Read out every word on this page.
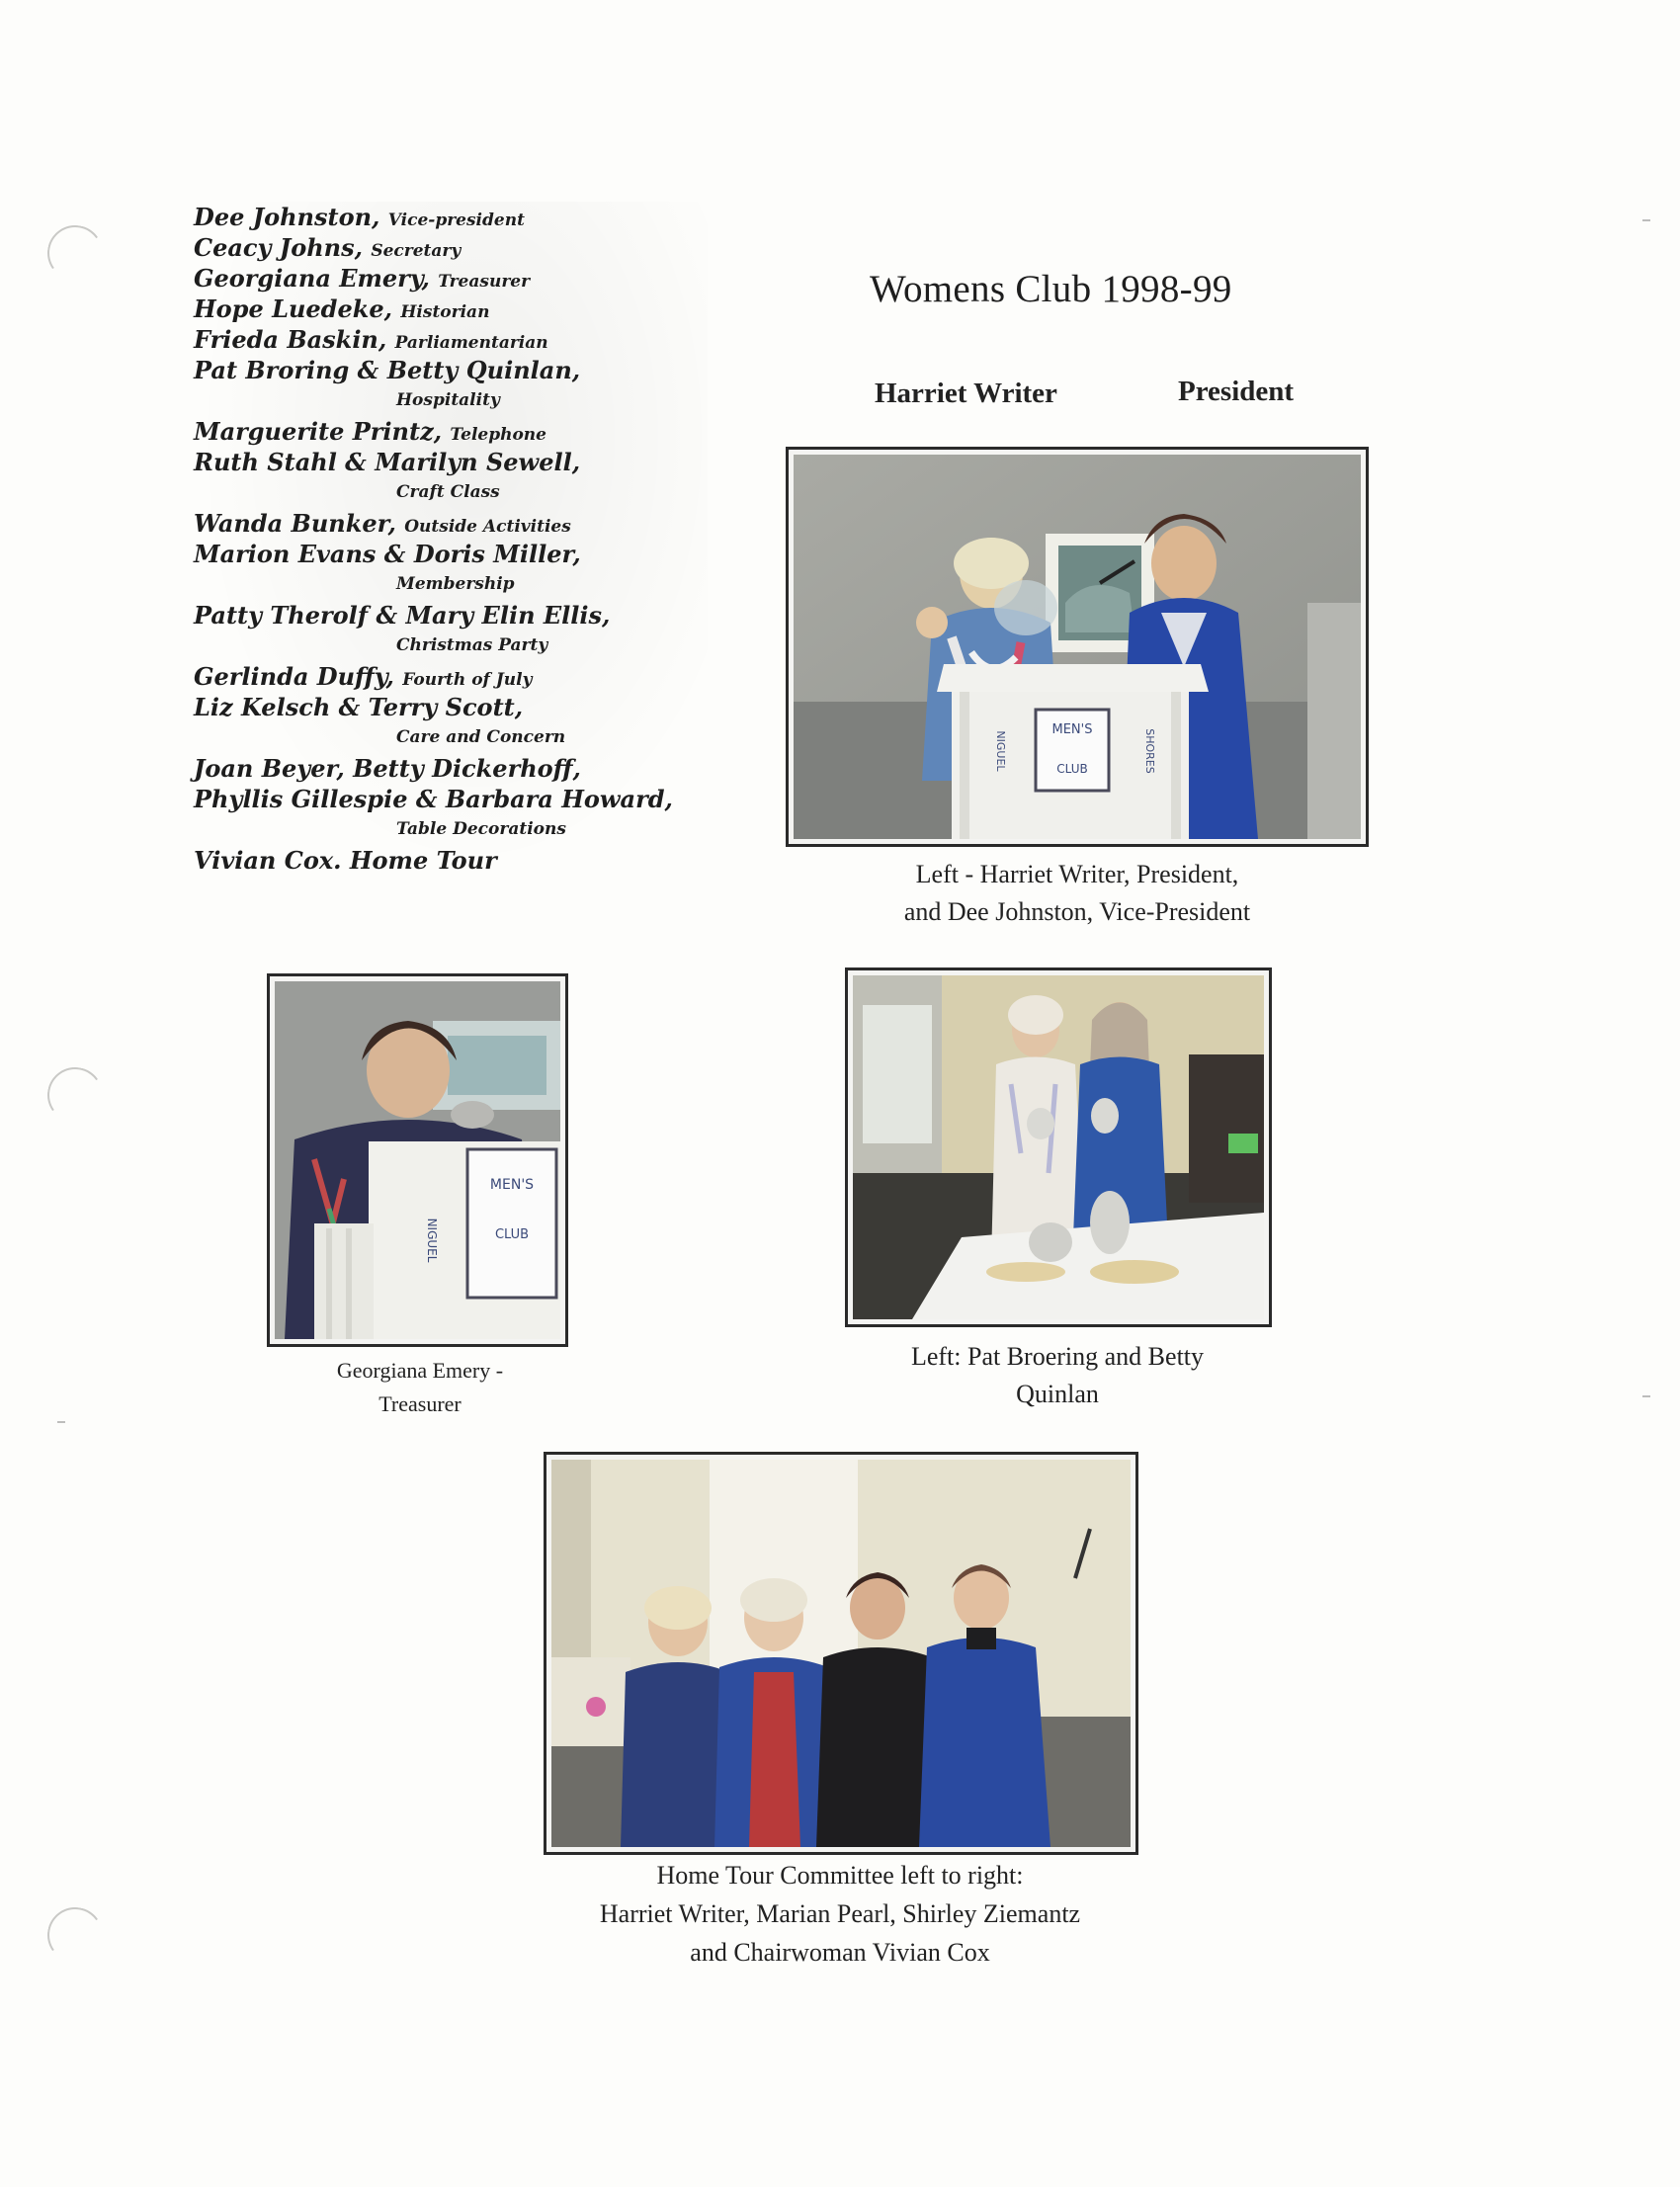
Dee Johnston, Vice-president
Ceacy Johns, Secretary
Georgiana Emery, Treasurer
Hope Luedeke, Historian
Frieda Baskin, Parliamentarian
Pat Broring & Betty Quinlan,
Hospitality
Marguerite Printz, Telephone
Ruth Stahl & Marilyn Sewell,
Craft Class
Wanda Bunker, Outside Activities
Marion Evans & Doris Miller,
Membership
Patty Therolf & Mary Elin Ellis,
Christmas Party
Gerlinda Duffy, Fourth of July
Liz Kelsch & Terry Scott,
Care and Concern
Joan Beyer, Betty Dickerhoff,
Phyllis Gillespie & Barbara Howard,
Table Decorations
Vivian Cox. Home Tour
Womens Club 1998-99
Harriet Writer	President
MEN'S
CLUB
NIGUEL	SHORES
Left - Harriet Writer, President,
and Dee Johnston, Vice-President
MEN'S
CLUB
NIGUEL
Georgiana Emery -
Treasurer
Left: Pat Broering and Betty
Quinlan
Home Tour Committee left to right:
Harriet Writer, Marian Pearl, Shirley Ziemantz
and Chairwoman Vivian Cox
